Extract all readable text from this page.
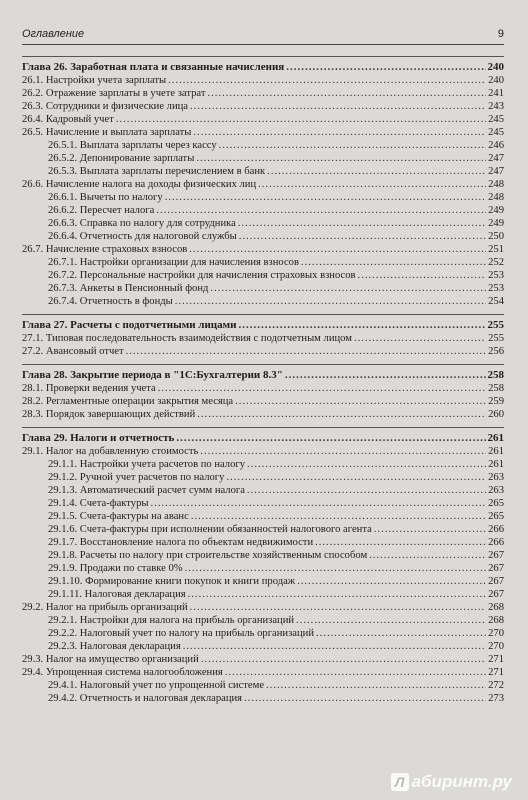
Оглавление	9
Глава 26. Заработная плата и связанные начисления .....	240
26.1. Настройки учета зарплаты .....	240
26.2. Отражение зарплаты в учете затрат .....	241
26.3. Сотрудники и физические лица .....	243
26.4. Кадровый учет .....	245
26.5. Начисление и выплата зарплаты .....	245
26.5.1. Выплата зарплаты через кассу .....	246
26.5.2. Депонирование зарплаты .....	247
26.5.3. Выплата зарплаты перечислением в банк .....	247
26.6. Начисление налога на доходы физических лиц .....	248
26.6.1. Вычеты по налогу .....	248
26.6.2. Пересчет налога .....	249
26.6.3. Справка по налогу для сотрудника .....	249
26.6.4. Отчетность для налоговой службы .....	250
26.7. Начисление страховых взносов .....	251
26.7.1. Настройки организации для начисления взносов .....	252
26.7.2. Персональные настройки для начисления страховых взносов .....	253
26.7.3. Анкеты в Пенсионный фонд .....	253
26.7.4. Отчетность в фонды .....	254
Глава 27. Расчеты с подотчетными лицами .....	255
27.1. Типовая последовательность взаимодействия с подотчетным лицом .....	255
27.2. Авансовый отчет .....	256
Глава 28. Закрытие периода в "1С:Бухгалтерии 8.3" .....	258
28.1. Проверки ведения учета .....	258
28.2. Регламентные операции закрытия месяца .....	259
28.3. Порядок завершающих действий .....	260
Глава 29. Налоги и отчетность .....	261
29.1. Налог на добавленную стоимость .....	261
29.1.1. Настройки учета расчетов по налогу .....	261
29.1.2. Ручной учет расчетов по налогу .....	263
29.1.3. Автоматический расчет сумм налога .....	263
29.1.4. Счета-фактуры .....	265
29.1.5. Счета-фактуры на аванс .....	265
29.1.6. Счета-фактуры при исполнении обязанностей налогового агента .....	266
29.1.7. Восстановление налога по объектам недвижимости .....	266
29.1.8. Расчеты по налогу при строительстве хозяйственным способом .....	267
29.1.9. Продажи по ставке 0% .....	267
29.1.10. Формирование книги покупок и книги продаж .....	267
29.1.11. Налоговая декларация .....	267
29.2. Налог на прибыль организаций .....	268
29.2.1. Настройки для налога на прибыль организаций .....	268
29.2.2. Налоговый учет по налогу на прибыль организаций .....	270
29.2.3. Налоговая декларация .....	270
29.3. Налог на имущество организаций .....	271
29.4. Упрощенная система налогообложения .....	271
29.4.1. Налоговый учет по упрощенной системе .....	272
29.4.2. Отчетность и налоговая декларация .....	273
Л абиринт.ру
